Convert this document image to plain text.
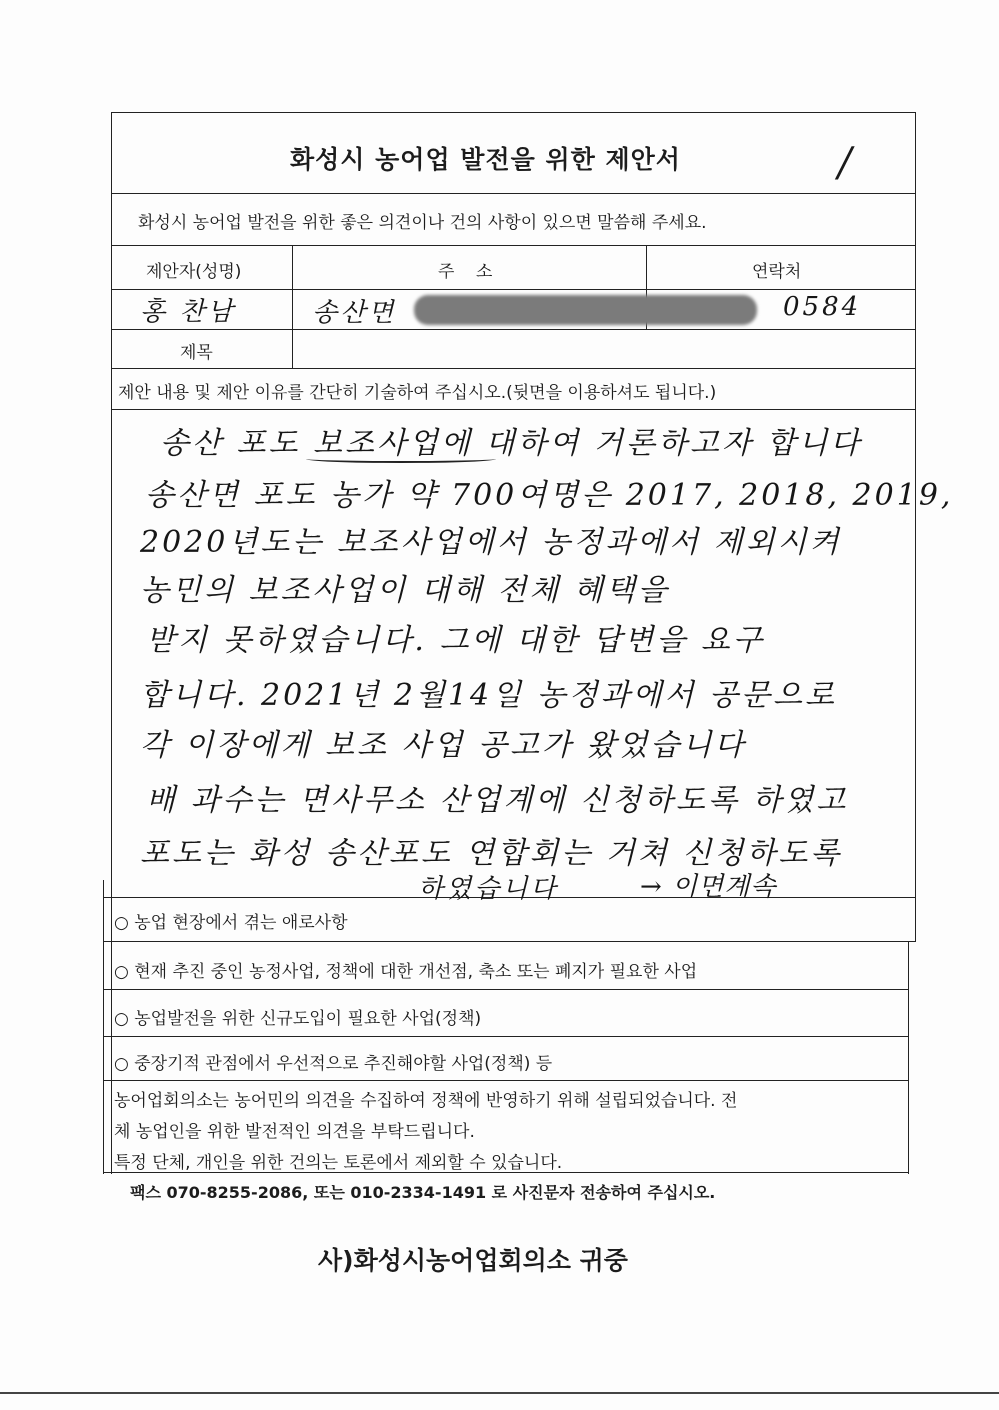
화성시 농어업 발전을 위한 제안서	/
화성시 농어업 발전을 위한 좋은 의견이나 건의 사항이 있으면 말씀해 주세요.
제안자(성명)	주    소	연락처
홍 찬남	송산면	0584
제목
제안 내용 및 제안 이유를 간단히 기술하여 주십시오.(뒷면을 이용하셔도 됩니다.)
송산 포도 보조사업에 대하여 거론하고자 합니다
송산면 포도 농가 약 700여명은 2017, 2018, 2019,
2020년도는 보조사업에서 농정과에서 제외시켜
농민의 보조사업이 대해 전체 혜택을
받지 못하였습니다. 그에 대한 답변을 요구
합니다. 2021년 2월14일 농정과에서 공문으로
각 이장에게 보조 사업 공고가 왔었습니다
배 과수는 면사무소 산업계에 신청하도록 하였고
포도는 화성 송산포도 연합회는 거쳐 신청하도록
하였습니다	→ 이면계속
○ 농업 현장에서 겪는 애로사항
○ 현재 추진 중인 농정사업, 정책에 대한 개선점, 축소 또는 폐지가 필요한 사업
○ 농업발전을 위한 신규도입이 필요한 사업(정책)
○ 중장기적 관점에서 우선적으로 추진해야할 사업(정책) 등
농어업회의소는 농어민의 의견을 수집하여 정책에 반영하기 위해 설립되었습니다. 전
체 농업인을 위한 발전적인 의견을 부탁드립니다.
특정 단체, 개인을 위한 건의는 토론에서 제외할 수 있습니다.
팩스 070-8255-2086, 또는 010-2334-1491 로 사진문자 전송하여 주십시오.
사)화성시농어업회의소 귀중
